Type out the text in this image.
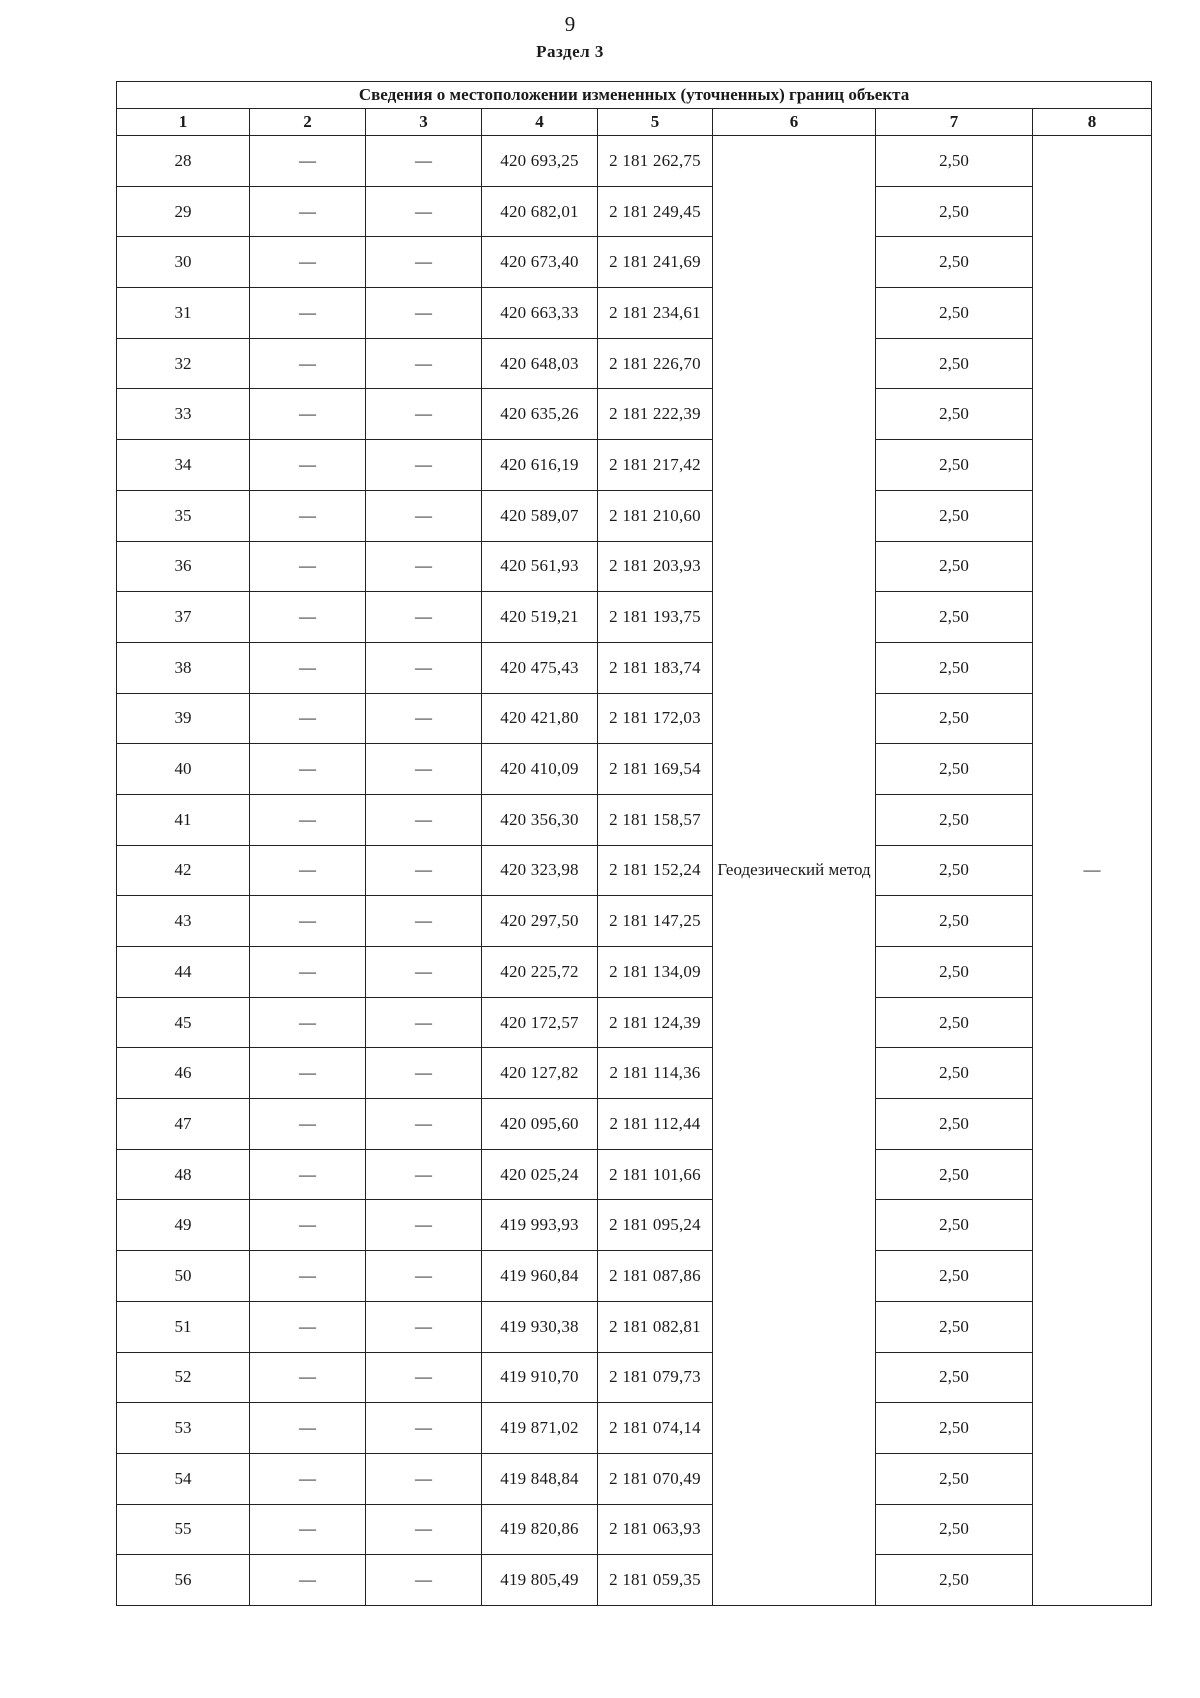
9
Раздел 3
Сведения о местоположении измененных (уточненных) границ объекта							
1	2	3	4	5	6	7	8
28	—	—	420 693,25	2 181 262,75	Геодезический метод	2,50	—
29	—	—	420 682,01	2 181 249,45		2,50	
30	—	—	420 673,40	2 181 241,69		2,50	
31	—	—	420 663,33	2 181 234,61		2,50	
32	—	—	420 648,03	2 181 226,70		2,50	
33	—	—	420 635,26	2 181 222,39		2,50	
34	—	—	420 616,19	2 181 217,42		2,50	
35	—	—	420 589,07	2 181 210,60		2,50	
36	—	—	420 561,93	2 181 203,93		2,50	
37	—	—	420 519,21	2 181 193,75		2,50	
38	—	—	420 475,43	2 181 183,74		2,50	
39	—	—	420 421,80	2 181 172,03		2,50	
40	—	—	420 410,09	2 181 169,54		2,50	
41	—	—	420 356,30	2 181 158,57		2,50	
42	—	—	420 323,98	2 181 152,24		2,50	
43	—	—	420 297,50	2 181 147,25		2,50	
44	—	—	420 225,72	2 181 134,09		2,50	
45	—	—	420 172,57	2 181 124,39		2,50	
46	—	—	420 127,82	2 181 114,36		2,50	
47	—	—	420 095,60	2 181 112,44		2,50	
48	—	—	420 025,24	2 181 101,66		2,50	
49	—	—	419 993,93	2 181 095,24		2,50	
50	—	—	419 960,84	2 181 087,86		2,50	
51	—	—	419 930,38	2 181 082,81		2,50	
52	—	—	419 910,70	2 181 079,73		2,50	
53	—	—	419 871,02	2 181 074,14		2,50	
54	—	—	419 848,84	2 181 070,49		2,50	
55	—	—	419 820,86	2 181 063,93		2,50	
56	—	—	419 805,49	2 181 059,35		2,50	
